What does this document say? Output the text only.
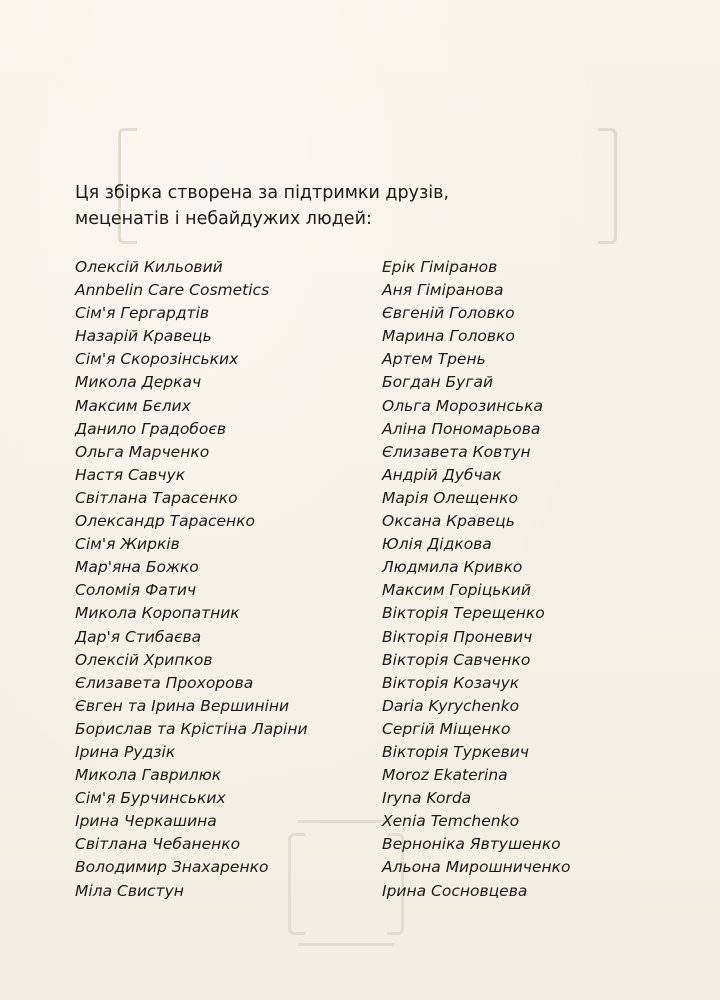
Ця збірка створена за підтримки друзів,
меценатів і небайдужих людей:
Олексій Кильовий
Annbelin Care Cosmetics
Сім'я Гергардтів
Назарій Кравець
Сім'я Скорозінських
Микола Деркач
Максим Бєлих
Данило Градобоєв
Ольга Марченко
Настя Савчук
Світлана Тарасенко
Олександр Тарасенко
Сім'я Жирків
Мар'яна Божко
Соломія Фатич
Микола Коропатник
Дар'я Стибаєва
Олексій Хрипков
Єлизавета Прохорова
Євген та Ірина Вершиніни
Борислав та Крістіна Ларіни
Ірина Рудзік
Микола Гаврилюк
Сім'я Бурчинських
Ірина Черкашина
Світлана Чебаненко
Володимир Знахаренко
Міла Свистун
Ерік Гіміранов
Аня Гіміранова
Євгеній Головко
Марина Головко
Артем Трень
Богдан Бугай
Ольга Морозинська
Аліна Пономарьова
Єлизавета Ковтун
Андрій Дубчак
Марія Олещенко
Оксана Кравець
Юлія Дідкова
Людмила Кривко
Максим Горіцький
Вікторія Терещенко
Вікторія Проневич
Вікторія Савченко
Вікторія Козачук
Daria Kyrychenko
Сергій Міщенко
Вікторія Туркевич
Moroz Ekaterina
Iryna Korda
Xenia Temchenko
Верноніка Явтушенко
Альона Мирошниченко
Ірина Сосновцева
